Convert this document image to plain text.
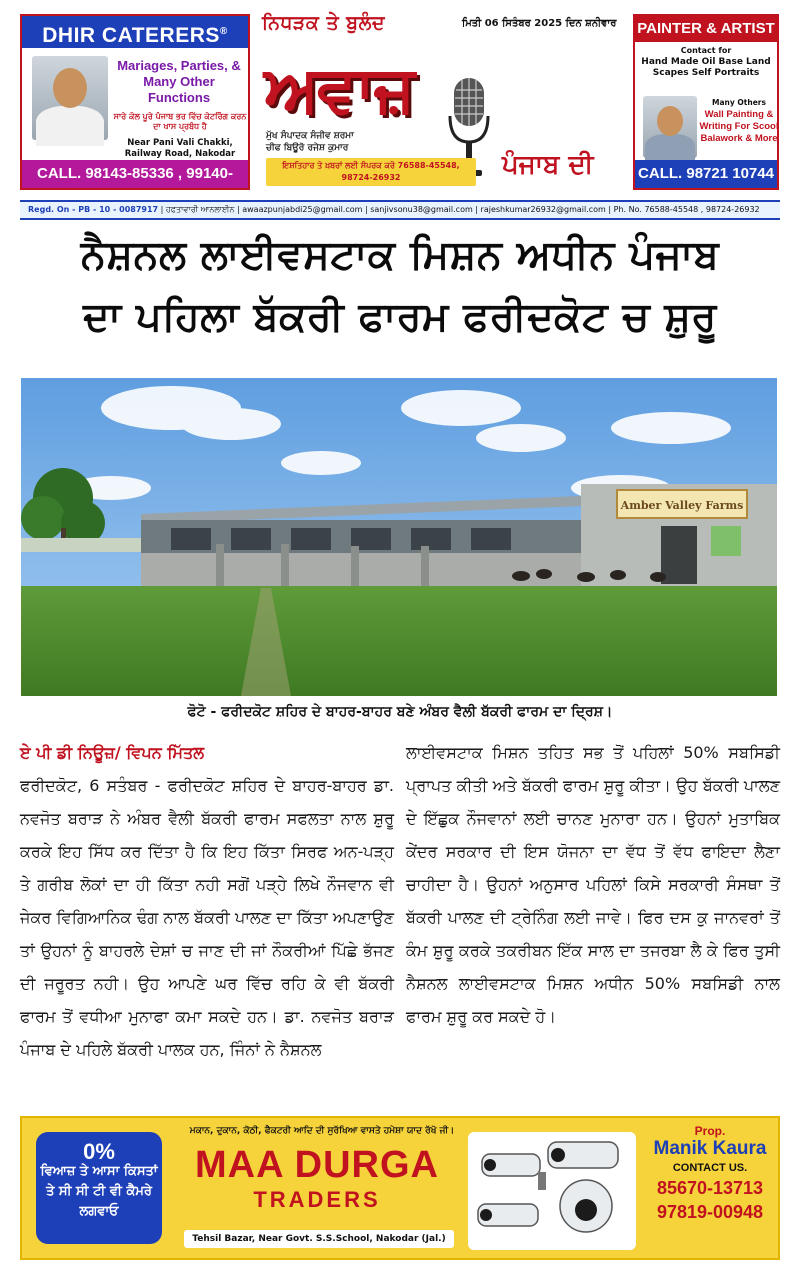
DHIR CATERERS®
Mariages, Parties, & Many Other Functions
ਸਾਰੇ ਕੋਲ ਪੂਰੇ ਪੰਜਾਬ ਭਰ ਵਿੱਚ ਕੇਟਰਿੰਗ ਕਰਨ ਦਾ ਖਾਸ ਪ੍ਰਬੰਧ ਹੈ
Near Pani Vali Chakki, Railway Road, Nakodar
CALL. 98143-85336 , 99140-
ਨਿਧੜਕ ਤੇ ਬੁਲੰਦ	ਮਿਤੀ 06 ਸਿਤੰਬਰ 2025 ਦਿਨ ਸ਼ਨੀਵਾਰ
ਅਵਾਜ਼
ਮੁੱਖ ਸੰਪਾਦਕ ਸੰਜੀਵ ਸ਼ਰਮਾ
ਚੀਫ ਬਿਊਰੋ ਰਜੇਸ਼ ਕੁਮਾਰ
ਇਸ਼ਤਿਹਾਰ ਤੇ ਖ਼ਬਰਾਂ ਲਈ ਸੰਪਰਕ ਕਰੋ 76588-45548, 98724-26932	ਪੰਜਾਬ ਦੀ
PAINTER & ARTIST
Contact for
Hand Made Oil Base Land Scapes Self Portraits
Many Others
Wall Painting & Writing For Scool Balawork & More
CALL. 98721 10744
Regd. On - PB - 10 - 0087917 | ਹਫਤਾਵਾਰੀ ਆਨਲਾਈਨ | awaazpunjabdi25@gmail.com | sanjivsonu38@gmail.com | rajeshkumar26932@gmail.com | Ph. No. 76588-45548 , 98724-26932
ਨੈਸ਼ਨਲ ਲਾਈਵਸਟਾਕ ਮਿਸ਼ਨ ਅਧੀਨ ਪੰਜਾਬ
ਦਾ ਪਹਿਲਾ ਬੱਕਰੀ ਫਾਰਮ ਫਰੀਦਕੋਟ ਚ ਸ਼ੁਰੂ
Amber Valley Farms
ਫੋਟੋ - ਫਰੀਦਕੋਟ ਸ਼ਹਿਰ ਦੇ ਬਾਹਰ-ਬਾਹਰ ਬਣੇ ਅੰਬਰ ਵੈਲੀ ਬੱਕਰੀ ਫਾਰਮ ਦਾ ਦ੍ਰਿਸ਼।
ਏ ਪੀ ਡੀ ਨਿਊਜ਼/ ਵਿਪਨ ਮਿੱਤਲ
ਫਰੀਦਕੋਟ, 6 ਸਤੰਬਰ - ਫਰੀਦਕੋਟ ਸ਼ਹਿਰ ਦੇ ਬਾਹਰ-ਬਾਹਰ ਡਾ. ਨਵਜੋਤ ਬਰਾੜ ਨੇ ਅੰਬਰ ਵੈਲੀ ਬੱਕਰੀ ਫਾਰਮ ਸਫਲਤਾ ਨਾਲ ਸ਼ੁਰੂ ਕਰਕੇ ਇਹ ਸਿੱਧ ਕਰ ਦਿੱਤਾ ਹੈ ਕਿ ਇਹ ਕਿੱਤਾ ਸਿਰਫ ਅਨ-ਪੜ੍ਹ ਤੇ ਗਰੀਬ ਲੋਕਾਂ ਦਾ ਹੀ ਕਿੱਤਾ ਨਹੀ ਸਗੋਂ ਪੜ੍ਹੇ ਲਿਖੇ ਨੌਜਵਾਨ ਵੀ ਜੇਕਰ ਵਿਗਿਆਨਿਕ ਢੰਗ ਨਾਲ ਬੱਕਰੀ ਪਾਲਣ ਦਾ ਕਿੱਤਾ ਅਪਣਾਉਣ ਤਾਂ ਉਹਨਾਂ ਨੂੰ ਬਾਹਰਲੇ ਦੇਸ਼ਾਂ ਚ ਜਾਣ ਦੀ ਜਾਂ ਨੌਕਰੀਆਂ ਪਿੱਛੇ ਭੱਜਣ ਦੀ ਜਰੂਰਤ ਨਹੀ। ਉਹ ਆਪਣੇ ਘਰ ਵਿੱਚ ਰਹਿ ਕੇ ਵੀ ਬੱਕਰੀ ਫਾਰਮ ਤੋਂ ਵਧੀਆ ਮੁਨਾਫਾ ਕਮਾ ਸਕਦੇ ਹਨ। ਡਾ. ਨਵਜੋਤ ਬਰਾੜ ਪੰਜਾਬ ਦੇ ਪਹਿਲੇ ਬੱਕਰੀ ਪਾਲਕ ਹਨ, ਜਿੰਨਾਂ ਨੇ ਨੈਸ਼ਨਲ
ਲਾਈਵਸਟਾਕ ਮਿਸ਼ਨ ਤਹਿਤ ਸਭ ਤੋਂ ਪਹਿਲਾਂ 50% ਸਬਸਿਡੀ ਪ੍ਰਾਪਤ ਕੀਤੀ ਅਤੇ ਬੱਕਰੀ ਫਾਰਮ ਸ਼ੁਰੂ ਕੀਤਾ। ਉਹ ਬੱਕਰੀ ਪਾਲਣ ਦੇ ਇੱਛੁਕ ਨੌਜਵਾਨਾਂ ਲਈ ਚਾਨਣ ਮੁਨਾਰਾ ਹਨ। ਉਹਨਾਂ ਮੁਤਾਬਿਕ ਕੇਂਦਰ ਸਰਕਾਰ ਦੀ ਇਸ ਯੋਜਨਾ ਦਾ ਵੱਧ ਤੋਂ ਵੱਧ ਫਾਇਦਾ ਲੈਣਾ ਚਾਹੀਦਾ ਹੈ। ਉਹਨਾਂ ਅਨੁਸਾਰ ਪਹਿਲਾਂ ਕਿਸੇ ਸਰਕਾਰੀ ਸੰਸਥਾ ਤੋਂ ਬੱਕਰੀ ਪਾਲਣ ਦੀ ਟ੍ਰੇਨਿੰਗ ਲਈ ਜਾਵੇ। ਫਿਰ ਦਸ ਕੁ ਜਾਨਵਰਾਂ ਤੋਂ ਕੰਮ ਸ਼ੁਰੂ ਕਰਕੇ ਤਕਰੀਬਨ ਇੱਕ ਸਾਲ ਦਾ ਤਜਰਬਾ ਲੈ ਕੇ ਫਿਰ ਤੁਸੀ ਨੈਸ਼ਨਲ ਲਾਈਵਸਟਾਕ ਮਿਸ਼ਨ ਅਧੀਨ 50% ਸਬਸਿਡੀ ਨਾਲ ਫਾਰਮ ਸ਼ੁਰੂ ਕਰ ਸਕਦੇ ਹੋ।
0%
ਵਿਆਜ਼ ਤੇ ਆਸਾ ਕਿਸਤਾਂ ਤੇ ਸੀ ਸੀ ਟੀ ਵੀ ਕੈਮਰੇ ਲਗਵਾਓ
ਮਕਾਨ, ਦੁਕਾਨ, ਕੋਠੀ, ਫੈਕਟਰੀ ਆਦਿ ਦੀ ਸੁਰੱਖਿਆ ਵਾਸਤੇ ਹਮੇਸ਼ਾ ਯਾਦ ਰੱਖੋ ਜੀ।
MAA DURGA
TRADERS
Tehsil Bazar, Near Govt. S.S.School, Nakodar (Jal.)
Prop.
Manik Kaura
CONTACT US.
85670-13713
97819-00948
